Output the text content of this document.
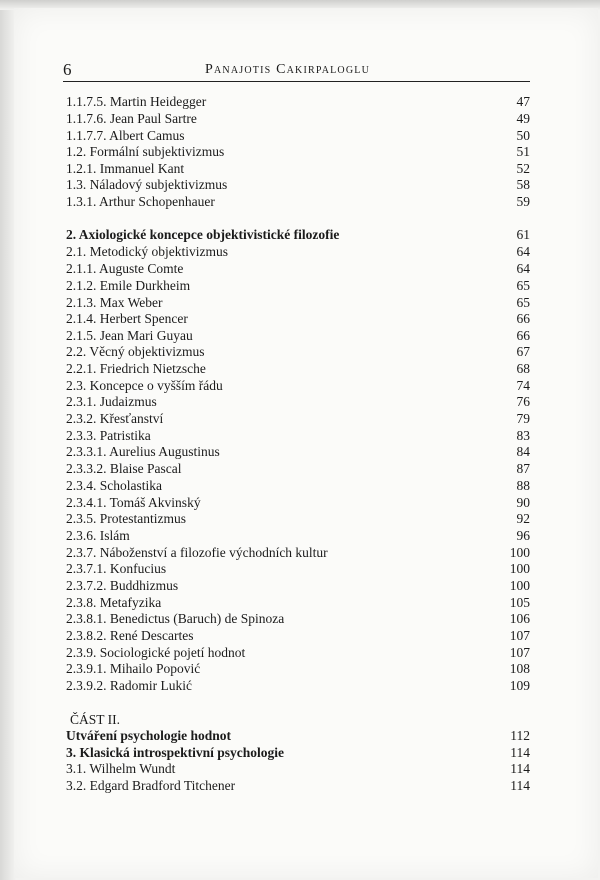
6	Panajotis Cakirpaloglu
1.1.7.5. Martin Heidegger	47
1.1.7.6. Jean Paul Sartre	49
1.1.7.7. Albert Camus	50
1.2. Formální subjektivizmus	51
1.2.1. Immanuel Kant	52
1.3. Náladový subjektivizmus	58
1.3.1. Arthur Schopenhauer	59
2. Axiologické koncepce objektivistické filozofie	61
2.1. Metodický objektivizmus	64
2.1.1. Auguste Comte	64
2.1.2. Emile Durkheim	65
2.1.3. Max Weber	65
2.1.4. Herbert Spencer	66
2.1.5. Jean Mari Guyau	66
2.2. Věcný objektivizmus	67
2.2.1. Friedrich Nietzsche	68
2.3. Koncepce o vyšším řádu	74
2.3.1. Judaizmus	76
2.3.2. Křesťanství	79
2.3.3. Patristika	83
2.3.3.1. Aurelius Augustinus	84
2.3.3.2. Blaise Pascal	87
2.3.4. Scholastika	88
2.3.4.1. Tomáš Akvinský	90
2.3.5. Protestantizmus	92
2.3.6. Islám	96
2.3.7. Náboženství a filozofie východních kultur	100
2.3.7.1. Konfucius	100
2.3.7.2. Buddhizmus	100
2.3.8. Metafyzika	105
2.3.8.1. Benedictus (Baruch) de Spinoza	106
2.3.8.2. René Descartes	107
2.3.9. Sociologické pojetí hodnot	107
2.3.9.1. Mihailo Popović	108
2.3.9.2. Radomir Lukić	109
Utváření psychologie hodnot	112
3. Klasická introspektivní psychologie	114
3.1. Wilhelm Wundt	114
3.2. Edgard Bradford Titchener	114
ČÁST II.
